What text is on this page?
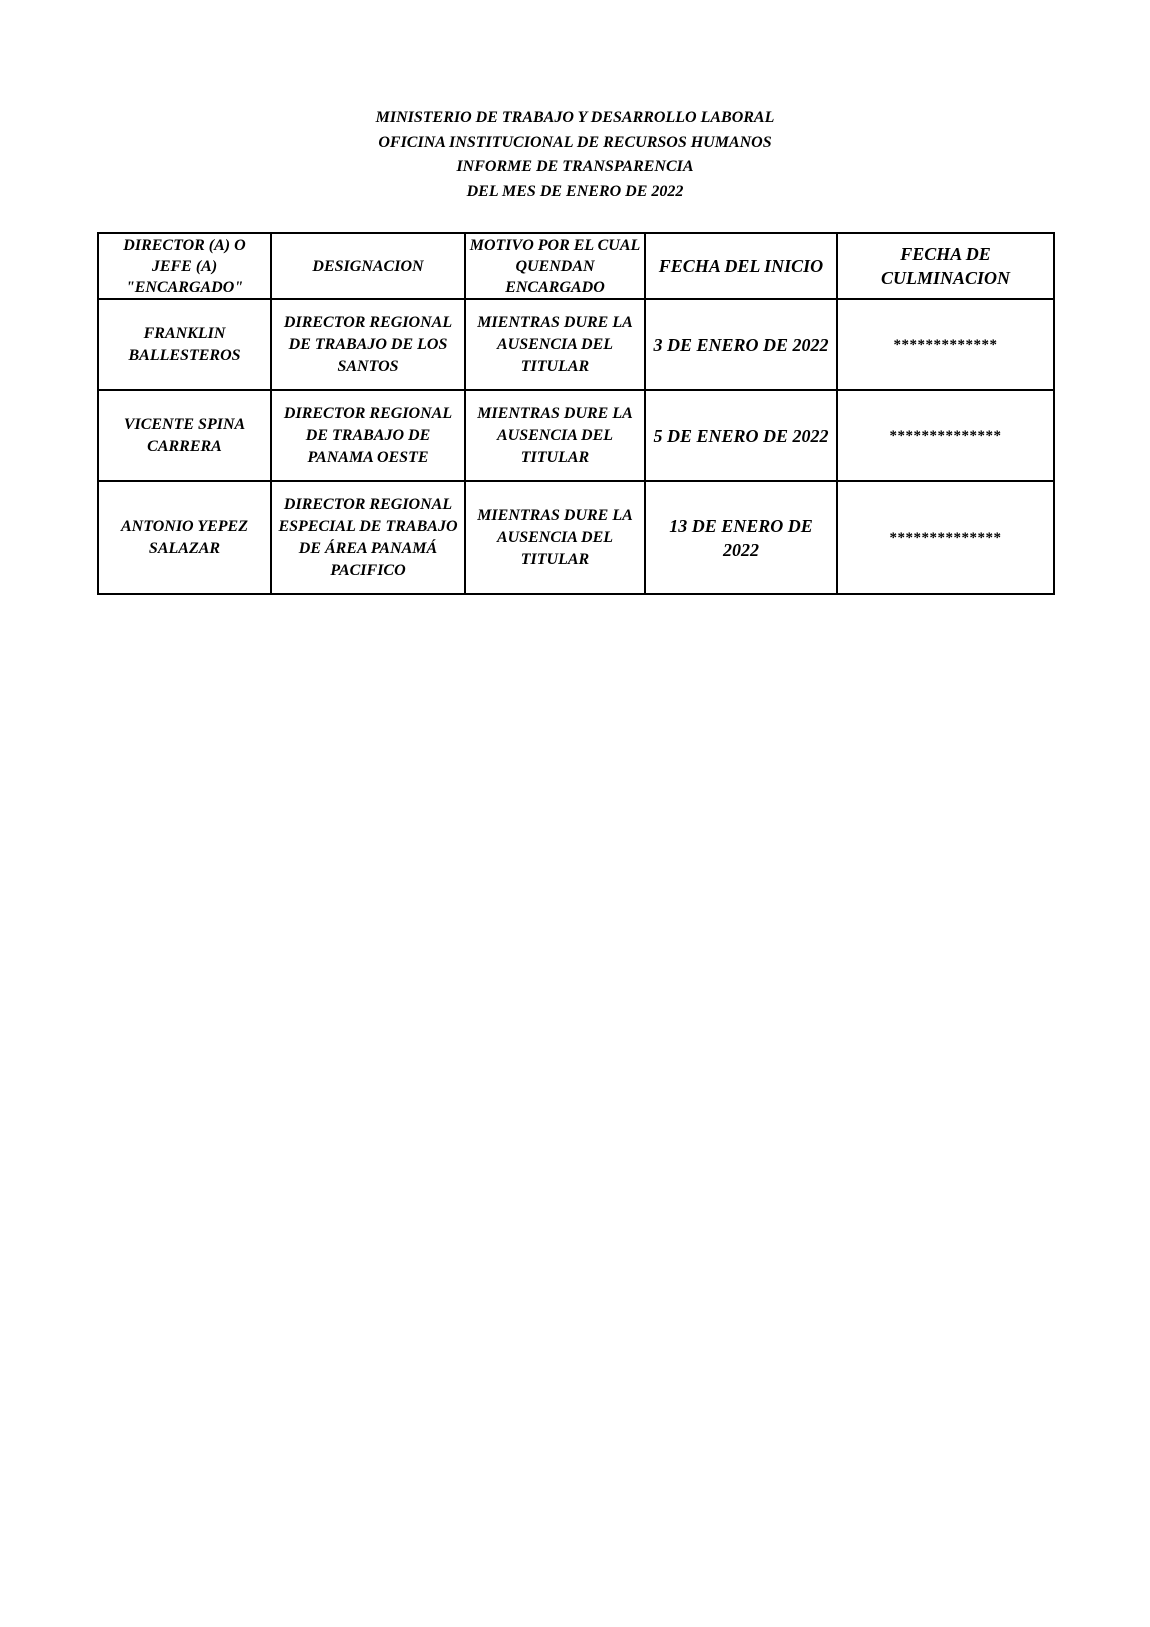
MINISTERIO DE TRABAJO Y DESARROLLO LABORAL
OFICINA INSTITUCIONAL DE RECURSOS HUMANOS
INFORME DE TRANSPARENCIA
DEL MES DE ENERO DE 2022
DIRECTOR (A) O JEFE (A) "ENCARGADO"	DESIGNACION	MOTIVO POR EL CUAL QUENDAN ENCARGADO	FECHA DEL INICIO	FECHA DE CULMINACION
FRANKLIN BALLESTEROS	DIRECTOR REGIONAL DE TRABAJO DE LOS SANTOS	MIENTRAS DURE LA AUSENCIA DEL TITULAR	3 DE ENERO DE 2022	*************
VICENTE SPINA CARRERA	DIRECTOR REGIONAL DE TRABAJO DE PANAMA OESTE	MIENTRAS DURE LA AUSENCIA DEL TITULAR	5 DE ENERO DE 2022	**************
ANTONIO YEPEZ SALAZAR	DIRECTOR REGIONAL ESPECIAL DE TRABAJO DE ÁREA PANAMÁ PACIFICO	MIENTRAS DURE LA AUSENCIA DEL TITULAR	13 DE ENERO DE 2022	**************
